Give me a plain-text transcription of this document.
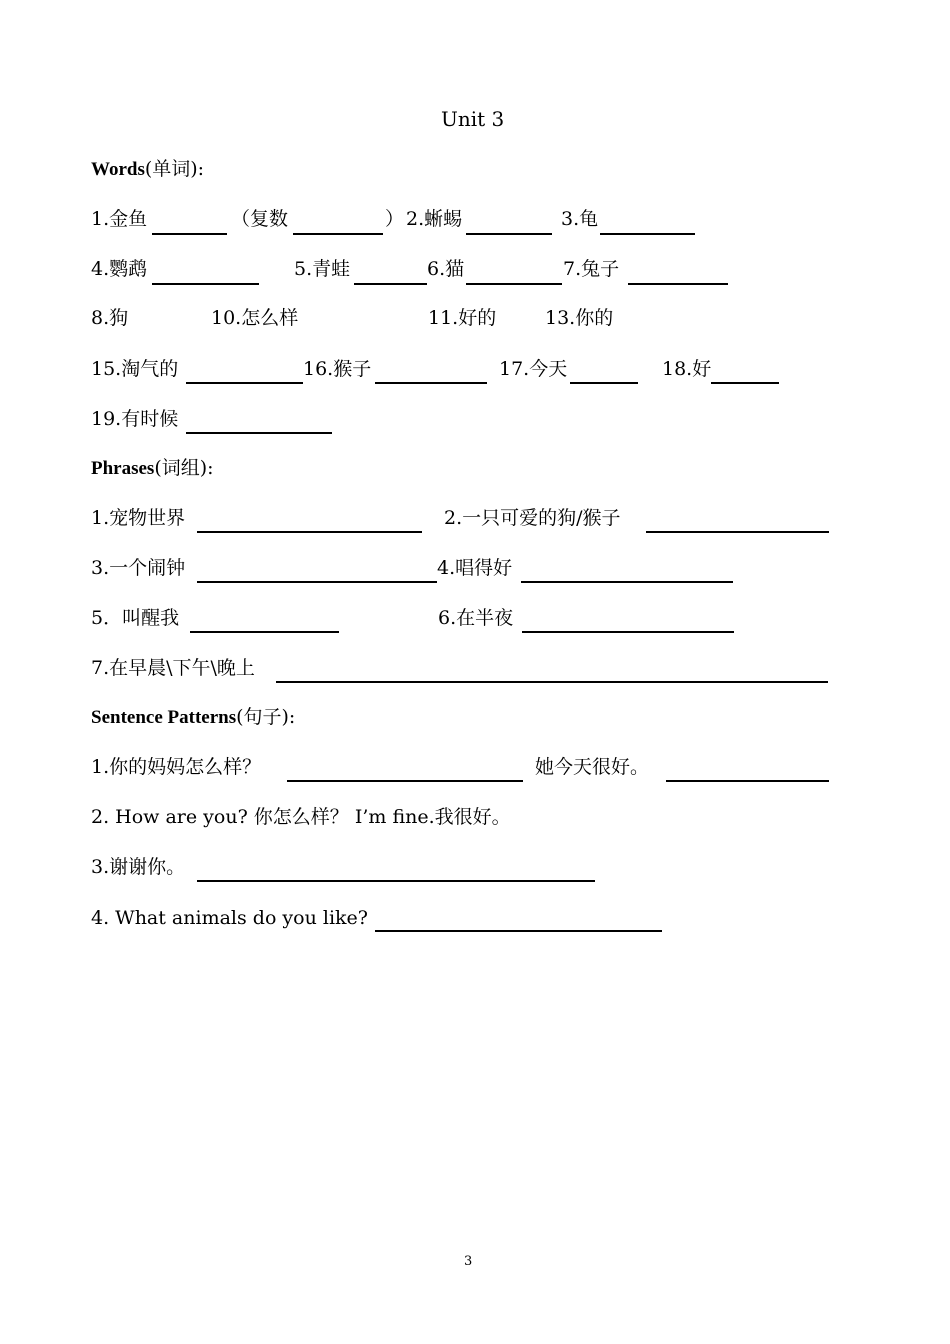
Unit 3
Words(单词):
1.金鱼	（复数	） 2.蜥蜴	3.龟
4.鹦鹉	5.青蛙	6.猫	7.兔子
8.狗	10.怎么样	11.好的	13.你的
15.淘气的	16.猴子	17.今天	18.好
19.有时候
Phrases(词组):
1.宠物世界	2.一只可爱的狗/猴子
3.一个闹钟	4.唱得好
5．叫醒我	6.在半夜
7.在早晨\下午\晚上
Sentence Patterns(句子):
1.你的妈妈怎么样？	她今天很好。
2. How are you? 你怎么样？ I’m fine.我很好。
3.谢谢你。
4. What animals do you like?
3
